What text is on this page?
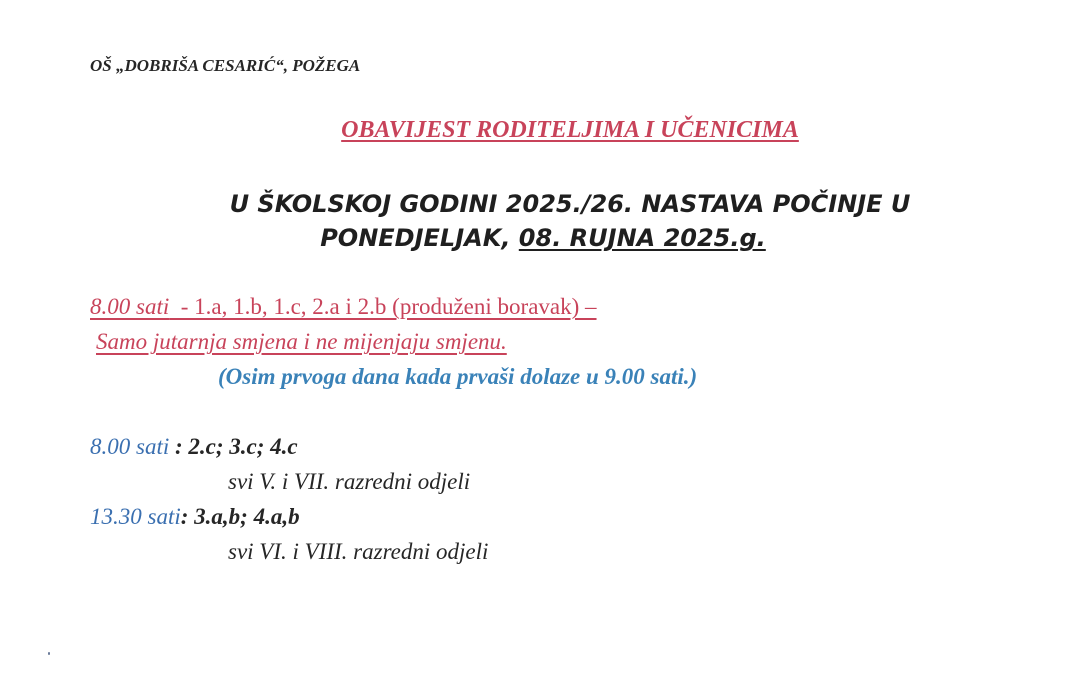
OŠ „DOBRIŠA CESARIĆ“, POŽEGA
OBAVIJEST RODITELJIMA I UČENICIMA
U ŠKOLSKOJ GODINI 2025./26. NASTAVA POČINJE U
PONEDJELJAK, 08. RUJNA 2025.g.
8.00 sati  - 1.a, 1.b, 1.c, 2.a i 2.b (produženi boravak) –
Samo jutarnja smjena i ne mijenjaju smjenu.
(Osim prvoga dana kada prvaši dolaze u 9.00 sati.)
8.00 sati : 2.c; 3.c; 4.c
svi V. i VII. razredni odjeli
13.30 sati: 3.a,b; 4.a,b
svi VI. i VIII. razredni odjeli
